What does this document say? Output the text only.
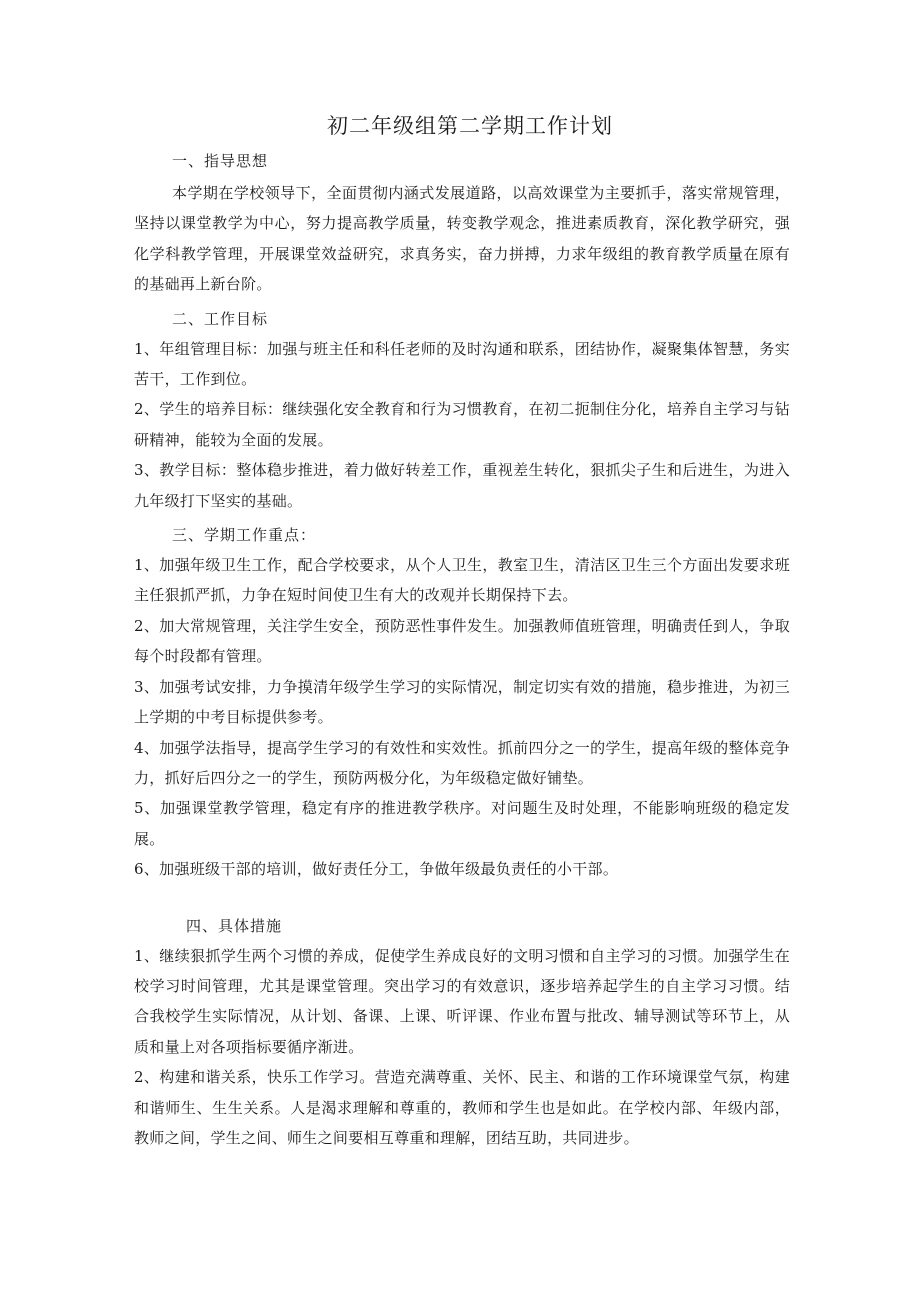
初二年级组第二学期工作计划
一、指导思想

本学期在学校领导下，全面贯彻内涵式发展道路，以高效课堂为主要抓手，落实常规管理，坚持以课堂教学为中心，努力提高教学质量，转变教学观念，推进素质教育，深化教学研究，强化学科教学管理，开展课堂效益研究，求真务实，奋力拼搏，力求年级组的教育教学质量在原有的基础再上新台阶。

二、工作目标

1、年组管理目标：加强与班主任和科任老师的及时沟通和联系，团结协作，凝聚集体智慧，务实苦干，工作到位。

2、学生的培养目标：继续强化安全教育和行为习惯教育，在初二扼制住分化，培养自主学习与钻研精神，能较为全面的发展。

3、教学目标：整体稳步推进，着力做好转差工作，重视差生转化，狠抓尖子生和后进生，为进入九年级打下坚实的基础。

三、学期工作重点：

1、加强年级卫生工作，配合学校要求，从个人卫生，教室卫生，清洁区卫生三个方面出发要求班主任狠抓严抓，力争在短时间使卫生有大的改观并长期保持下去。

2、加大常规管理，关注学生安全，预防恶性事件发生。加强教师值班管理，明确责任到人，争取每个时段都有管理。

3、加强考试安排，力争摸清年级学生学习的实际情况，制定切实有效的措施，稳步推进，为初三上学期的中考目标提供参考。

4、加强学法指导，提高学生学习的有效性和实效性。抓前四分之一的学生，提高年级的整体竞争力，抓好后四分之一的学生，预防两极分化，为年级稳定做好铺垫。

5、加强课堂教学管理，稳定有序的推进教学秩序。对问题生及时处理，不能影响班级的稳定发展。

6、加强班级干部的培训，做好责任分工，争做年级最负责任的小干部。

四、具体措施

1、继续狠抓学生两个习惯的养成，促使学生养成良好的文明习惯和自主学习的习惯。加强学生在校学习时间管理，尤其是课堂管理。突出学习的有效意识，逐步培养起学生的自主学习习惯。结合我校学生实际情况，从计划、备课、上课、听评课、作业布置与批改、辅导测试等环节上，从质和量上对各项指标要循序渐进。

2、构建和谐关系，快乐工作学习。营造充满尊重、关怀、民主、和谐的工作环境课堂气氛，构建和谐师生、生生关系。人是渴求理解和尊重的，教师和学生也是如此。在学校内部、年级内部，教师之间，学生之间、师生之间要相互尊重和理解，团结互助，共同进步。
